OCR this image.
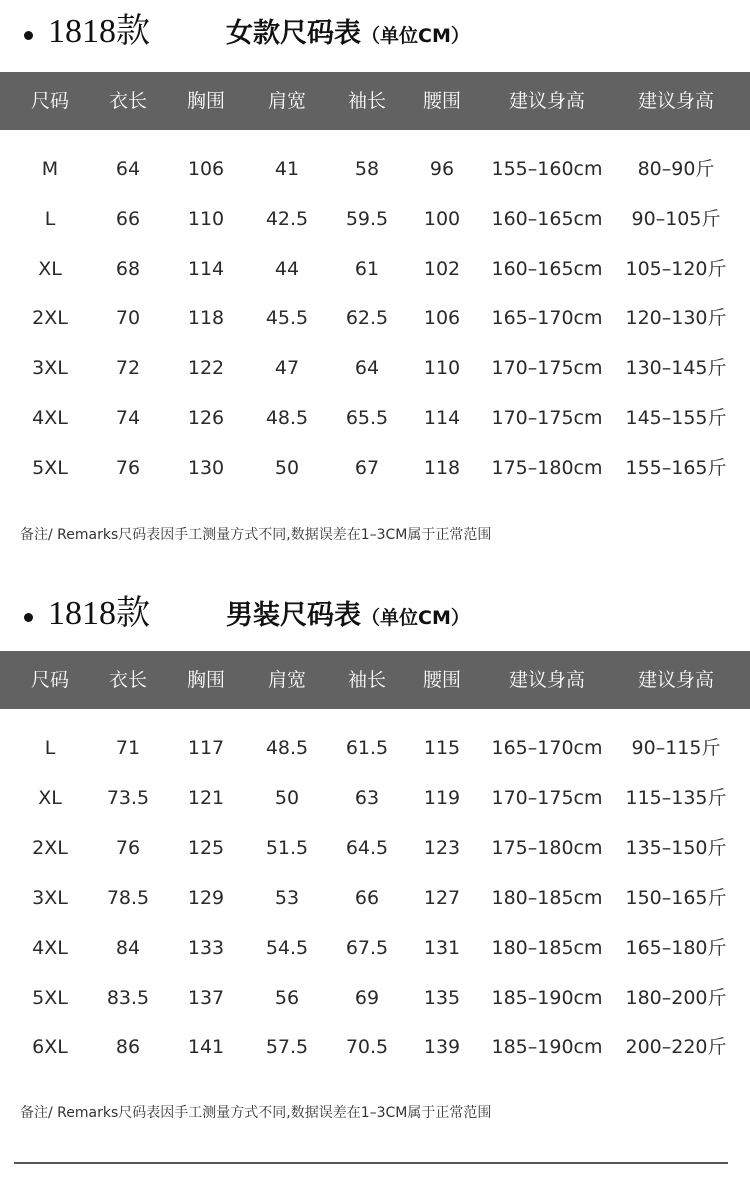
1818款	女款尺码表（单位CM）
尺码 衣长 胸围 肩宽 袖长 腰围	建议身高	建议身高
M	64	106	41	58	96 155–160cm 80–90斤
L	66	110 42.5 59.5 100 160–165cm 90–105斤
XL	68	114	44	61 102 160–165cm 105–120斤
2XL	70	118 45.5 62.5 106 165–170cm 120–130斤
3XL	72	122	47	64 110 170–175cm 130–145斤
4XL	74	126 48.5 65.5 114 170–175cm 145–155斤
5XL	76	130	50	67 118 175–180cm 155–165斤
备注/ Remarks尺码表因手工测量方式不同,数据误差在1–3CM属于正常范围
1818款	男装尺码表（单位CM）
尺码 衣长 胸围 肩宽 袖长 腰围	建议身高	建议身高
L	71	117 48.5 61.5 115 165–170cm 90–115斤
XL 73.5 121	50	63 119 170–175cm 115–135斤
2XL	76	125 51.5 64.5 123 175–180cm 135–150斤
3XL 78.5 129	53	66 127 180–185cm 150–165斤
4XL	84	133 54.5 67.5 131 180–185cm 165–180斤
5XL 83.5 137	56	69 135 185–190cm 180–200斤
6XL	86	141 57.5 70.5 139 185–190cm 200–220斤
备注/ Remarks尺码表因手工测量方式不同,数据误差在1–3CM属于正常范围
